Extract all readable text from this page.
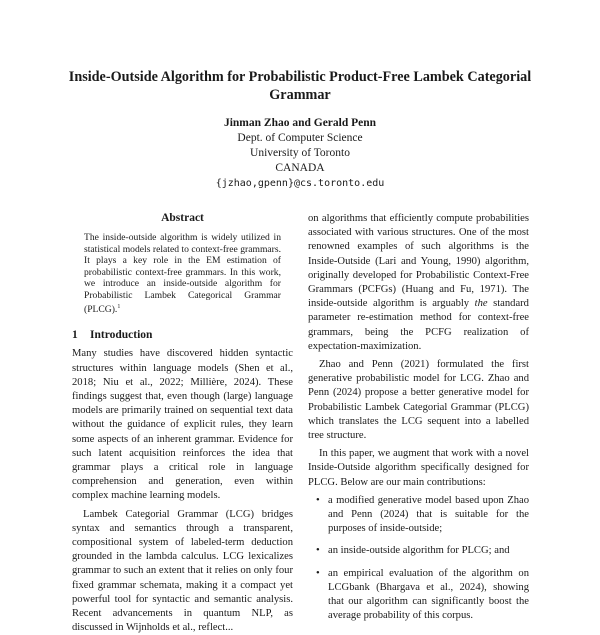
Inside-Outside Algorithm for Probabilistic Product-Free Lambek Categorial Grammar
Jinman Zhao and Gerald Penn
Dept. of Computer Science
University of Toronto
CANADA
{jzhao,gpenn}@cs.toronto.edu
Abstract
The inside-outside algorithm is widely utilized in statistical models related to context-free grammars. It plays a key role in the EM estimation of probabilistic context-free grammars. In this work, we introduce an inside-outside algorithm for Probabilistic Lambek Categorical Grammar (PLCG).$^1$
1 Introduction

Many studies have discovered hidden syntactic structures within language models (Shen et al., 2018; Niu et al., 2022; Millière, 2024). These findings suggest that, even though (large) language models are primarily trained on sequential text data without the guidance of explicit rules, they learn some aspects of an inherent grammar. Evidence for such latent acquisition reinforces the idea that grammar plays a critical role in language comprehension and generation, even within complex machine learning models.

Lambek Categorial Grammar (LCG) bridges syntax and semantics through a transparent, compositional system of labeled-term deduction grounded in the lambda calculus. LCG lexicalizes grammar to such an extent that it relies on only four fixed grammar schemata, making it a compact yet powerful tool for syntactic and semantic analysis. Recent advancements in quantum NLP, as discussed in Wijnholds et al., reflect...

on algorithms that efficiently compute probabilities associated with various structures. One of the most renowned examples of such algorithms is the Inside-Outside (Lari and Young, 1990) algorithm, originally developed for Probabilistic Context-Free Grammars (PCFGs) (Huang and Fu, 1971). The inside-outside algorithm is arguably the standard parameter re-estimation method for context-free grammars, being the PCFG realization of expectation-maximization.

Zhao and Penn (2021) formulated the first generative probabilistic model for LCG. Zhao and Penn (2024) propose a better generative model for Probabilistic Lambek Categorial Grammar (PLCG) which translates the LCG sequent into a labelled tree structure.

In this paper, we augment that work with a novel Inside-Outside algorithm specifically designed for PLCG. Below are our main contributions:

• a modified generative model based upon Zhao and Penn (2024) that is suitable for the purposes of inside-outside;
• an inside-outside algorithm for PLCG; and
• an empirical evaluation of the algorithm on LCGbank (Bhargava et al., 2024), showing that our algorithm can significantly boost the average probability of this corpus.
